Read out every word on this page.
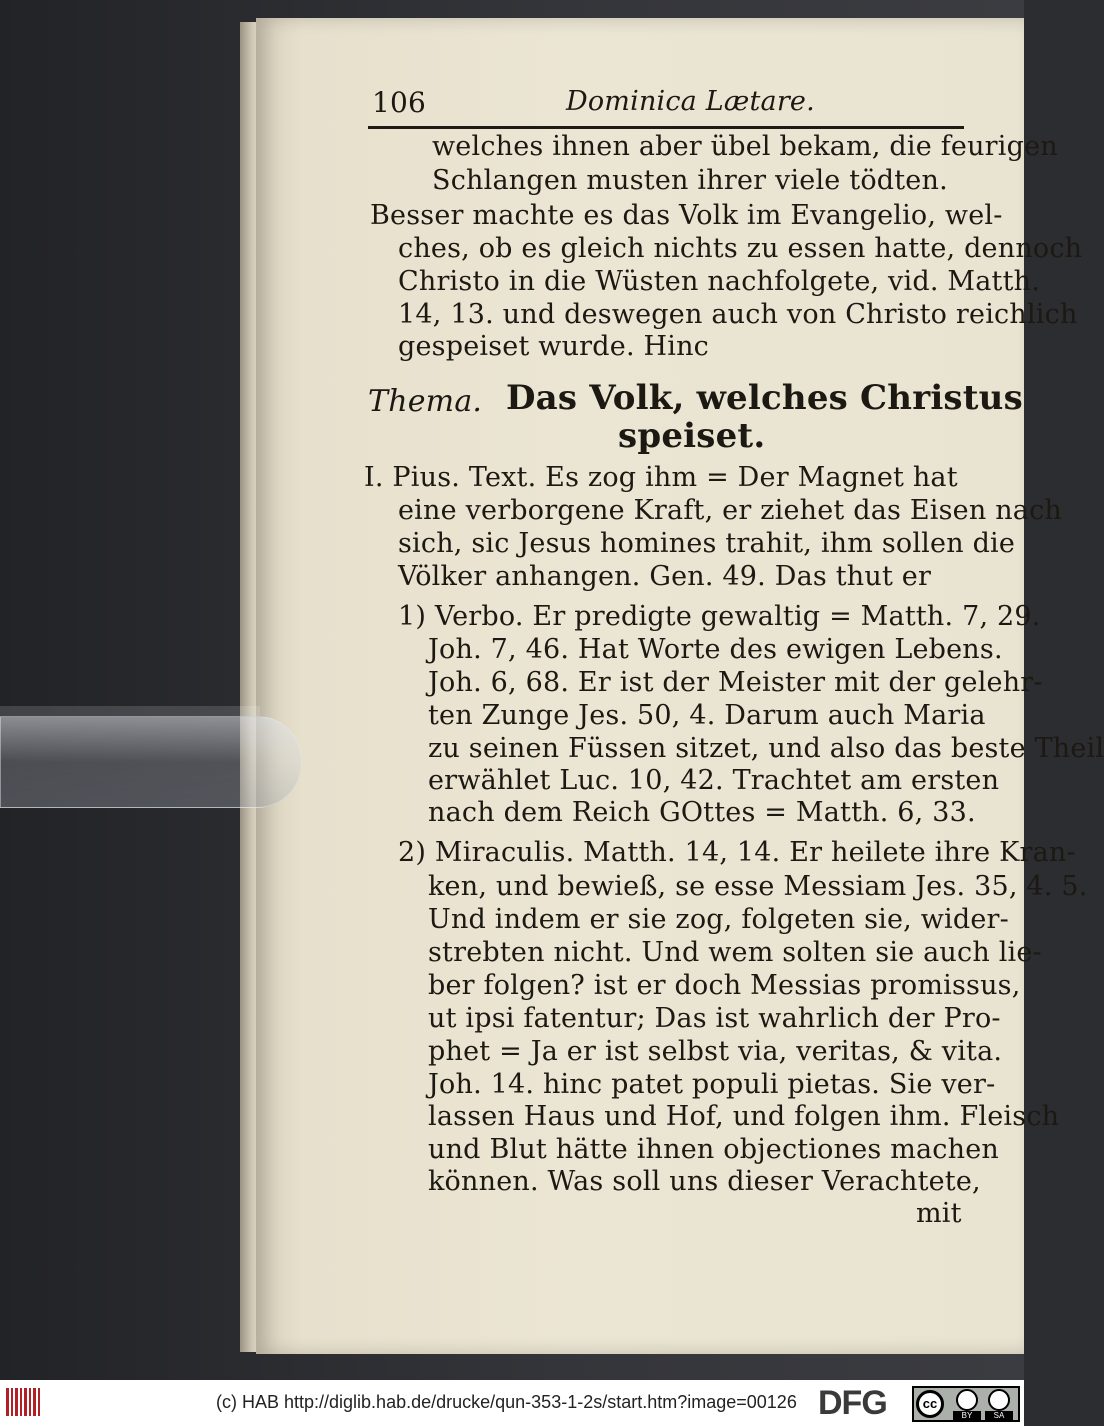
106	Dominica Lætare.
welches ihnen aber übel bekam, die feurigen
Schlangen musten ihrer viele tödten.
Besser machte es das Volk im Evangelio, wel-
ches, ob es gleich nichts zu essen hatte, dennoch
Christo in die Wüsten nachfolgete, vid. Matth.
14, 13. und deswegen auch von Christo reichlich
gespeiset wurde. Hinc
Thema. Das Volk, welches Christus
speiset.
I. Pius. Text. Es zog ihm = Der Magnet hat
eine verborgene Kraft, er ziehet das Eisen nach
sich, sic Jesus homines trahit, ihm sollen die
Völker anhangen. Gen. 49. Das thut er
1) Verbo. Er predigte gewaltig = Matth. 7, 29.
Joh. 7, 46. Hat Worte des ewigen Lebens.
Joh. 6, 68. Er ist der Meister mit der gelehr-
ten Zunge Jes. 50, 4. Darum auch Maria
zu seinen Füssen sitzet, und also das beste Theil
erwählet Luc. 10, 42. Trachtet am ersten
nach dem Reich GOttes = Matth. 6, 33.
2) Miraculis. Matth. 14, 14. Er heilete ihre Kran-
ken, und bewieß, se esse Messiam Jes. 35, 4. 5.
Und indem er sie zog, folgeten sie, wider-
strebten nicht. Und wem solten sie auch lie-
ber folgen? ist er doch Messias promissus,
ut ipsi fatentur; Das ist wahrlich der Pro-
phet = Ja er ist selbst via, veritas, & vita.
Joh. 14. hinc patet populi pietas. Sie ver-
lassen Haus und Hof, und folgen ihm. Fleisch
und Blut hätte ihnen objectiones machen
können. Was soll uns dieser Verachtete,
mit
(c) HAB http://diglib.hab.de/drucke/qun-353-1-2s/start.htm?image=00126 DFG	cc
BY	SA
